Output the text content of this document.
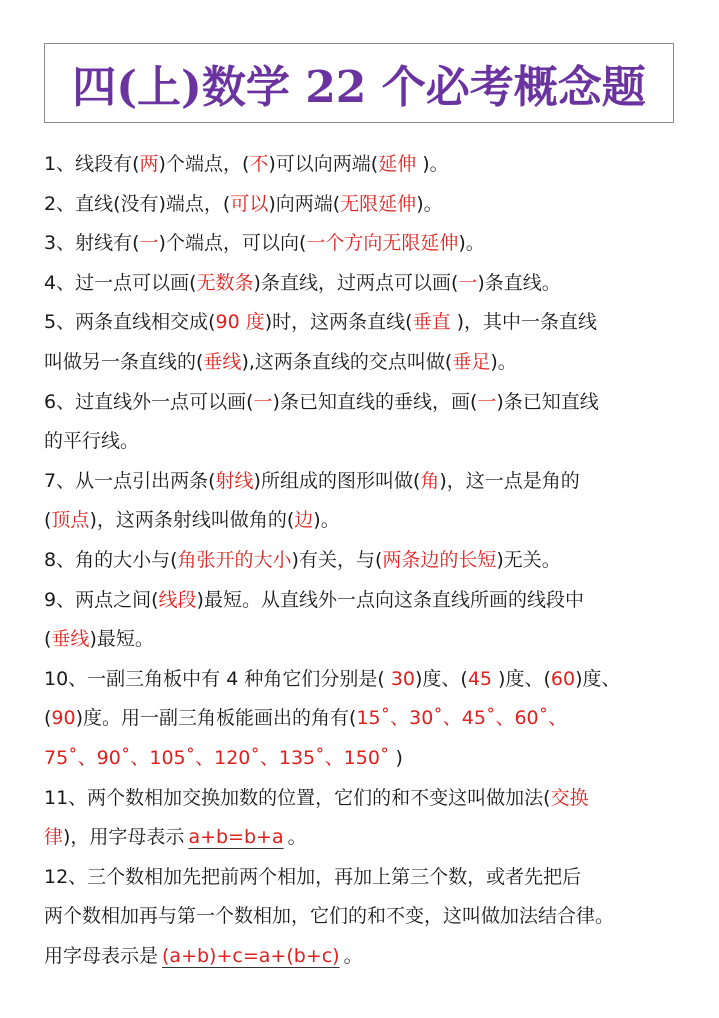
四(上)数学 22 个必考概念题
1、线段有(两)个端点，(不)可以向两端(延伸 )。
2、直线(没有)端点，(可以)向两端(无限延伸)。
3、射线有(一)个端点，可以向(一个方向无限延伸)。
4、过一点可以画(无数条)条直线，过两点可以画(一)条直线。
5、两条直线相交成(90 度)时，这两条直线(垂直 )，其中一条直线
叫做另一条直线的(垂线),这两条直线的交点叫做(垂足)。
6、过直线外一点可以画(一)条已知直线的垂线，画(一)条已知直线
的平行线。
7、从一点引出两条(射线)所组成的图形叫做(角)，这一点是角的
(顶点)，这两条射线叫做角的(边)。
8、角的大小与(角张开的大小)有关，与(两条边的长短)无关。
9、两点之间(线段)最短。从直线外一点向这条直线所画的线段中
(垂线)最短。
10、一副三角板中有 4 种角它们分别是( 30)度、(45 )度、(60)度、
(90)度。用一副三角板能画出的角有(15˚、30˚、45˚、60˚、
75˚、90˚、105˚、120˚、135˚、150˚ )
11、两个数相加交换加数的位置，它们的和不变这叫做加法(交换
律)，用字母表示 a+b=b+a 。
12、三个数相加先把前两个相加，再加上第三个数，或者先把后
两个数相加再与第一个数相加，它们的和不变，这叫做加法结合律。
用字母表示是 (a+b)+c=a+(b+c) 。
